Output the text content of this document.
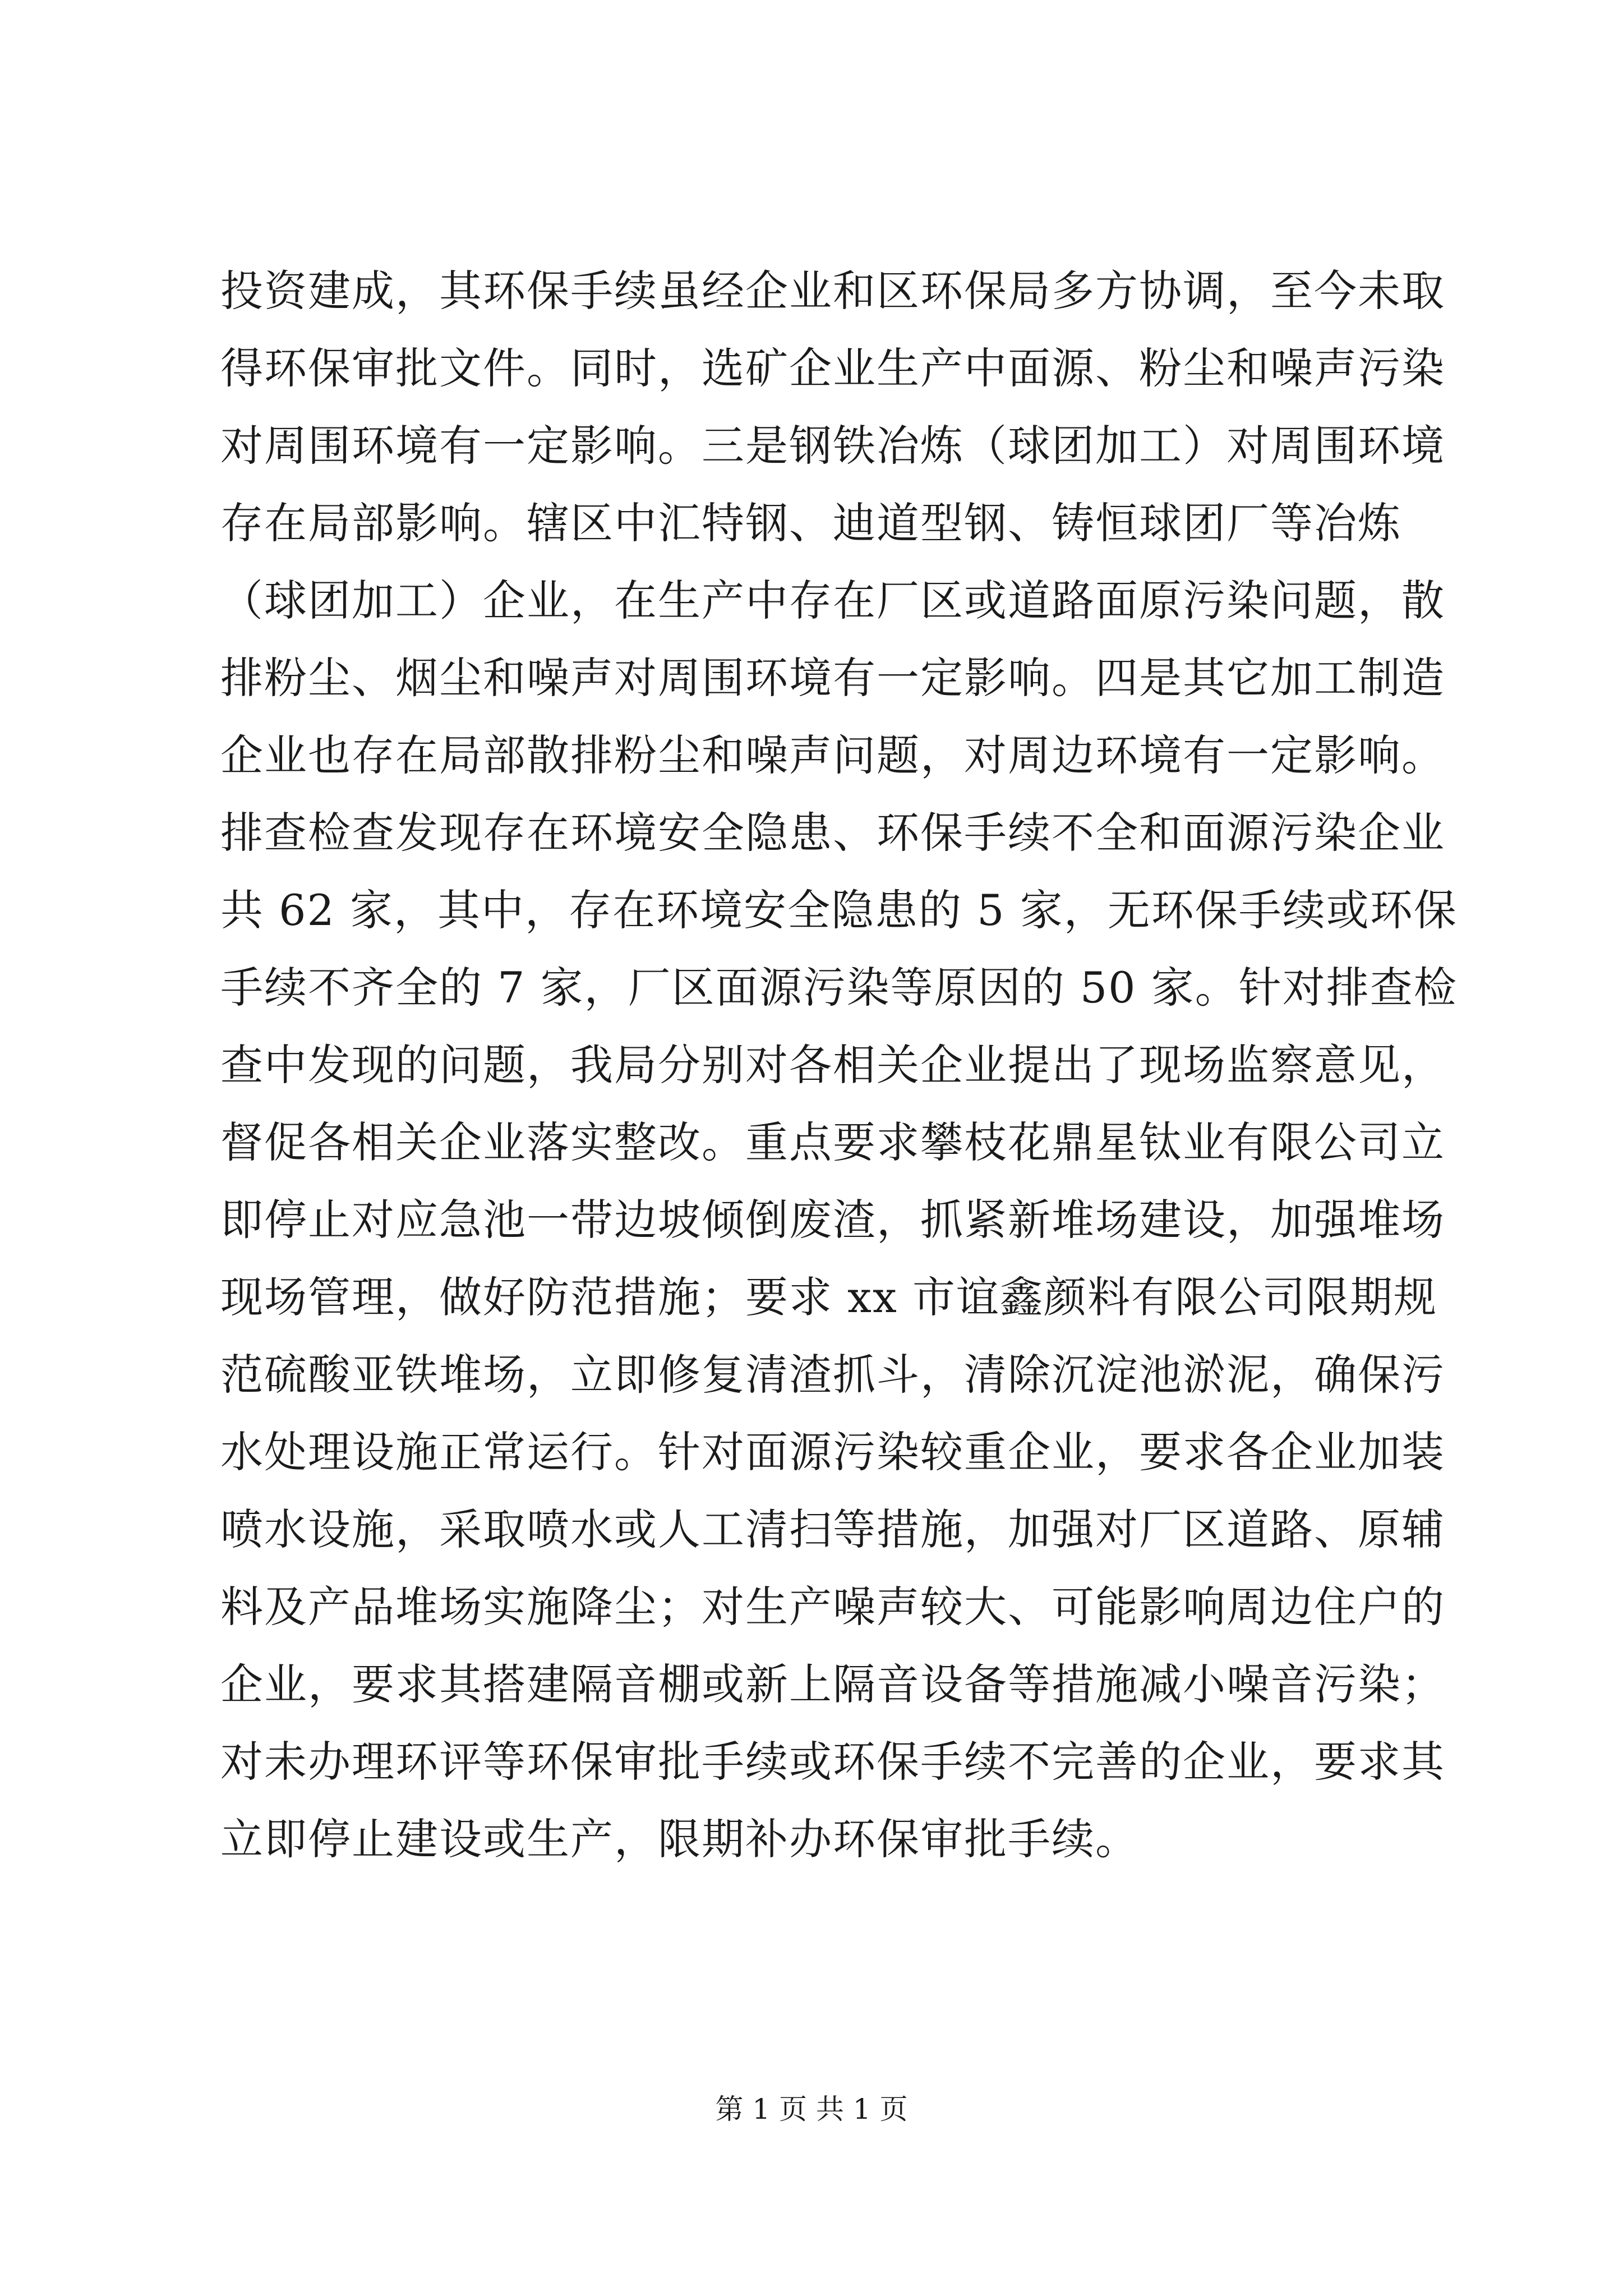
投资建成，其环保手续虽经企业和区环保局多方协调，至今未取
得环保审批文件。同时，选矿企业生产中面源、粉尘和噪声污染
对周围环境有一定影响。三是钢铁冶炼（球团加工）对周围环境
存在局部影响。辖区中汇特钢、迪道型钢、铸恒球团厂等冶炼
（球团加工）企业，在生产中存在厂区或道路面原污染问题，散
排粉尘、烟尘和噪声对周围环境有一定影响。四是其它加工制造
企业也存在局部散排粉尘和噪声问题，对周边环境有一定影响。
排查检查发现存在环境安全隐患、环保手续不全和面源污染企业
共 62 家，其中，存在环境安全隐患的 5 家，无环保手续或环保
手续不齐全的 7 家，厂区面源污染等原因的 50 家。针对排查检
查中发现的问题，我局分别对各相关企业提出了现场监察意见，
督促各相关企业落实整改。重点要求攀枝花鼎星钛业有限公司立
即停止对应急池一带边坡倾倒废渣，抓紧新堆场建设，加强堆场
现场管理，做好防范措施；要求 xx 市谊鑫颜料有限公司限期规
范硫酸亚铁堆场，立即修复清渣抓斗，清除沉淀池淤泥，确保污
水处理设施正常运行。针对面源污染较重企业，要求各企业加装
喷水设施，采取喷水或人工清扫等措施，加强对厂区道路、原辅
料及产品堆场实施降尘；对生产噪声较大、可能影响周边住户的
企业，要求其搭建隔音棚或新上隔音设备等措施减小噪音污染；
对未办理环评等环保审批手续或环保手续不完善的企业，要求其
立即停止建设或生产，限期补办环保审批手续。
第 1 页 共 1 页
